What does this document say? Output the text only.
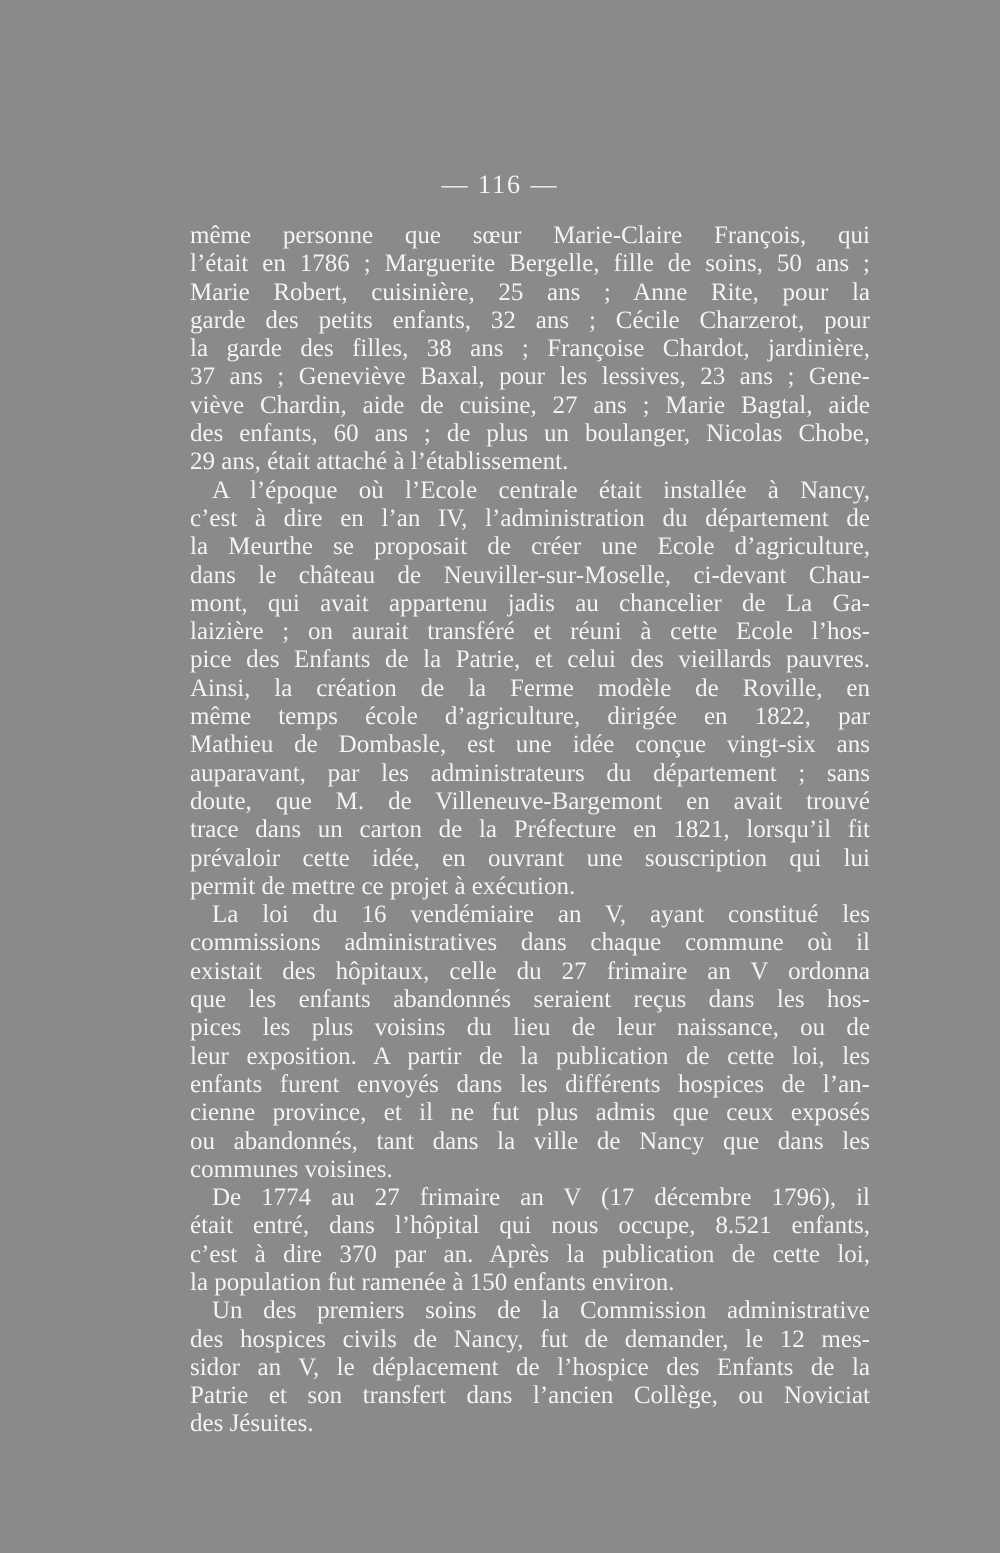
— 116 —

même personne que sœur Marie-Claire François, qui
l’était en 1786 ; Marguerite Bergelle, fille de soins, 50 ans ;
Marie Robert, cuisinière, 25 ans ; Anne Rite, pour la
garde des petits enfants, 32 ans ; Cécile Charzerot, pour
la garde des filles, 38 ans ; Françoise Chardot, jardinière,
37 ans ; Geneviève Baxal, pour les lessives, 23 ans ; Gene-
viève Chardin, aide de cuisine, 27 ans ; Marie Bagtal, aide
des enfants, 60 ans ; de plus un boulanger, Nicolas Chobe,
29 ans, était attaché à l’établissement.
A l’époque où l’Ecole centrale était installée à Nancy,
c’est à dire en l’an IV, l’administration du département de
la Meurthe se proposait de créer une Ecole d’agriculture,
dans le château de Neuviller-sur-Moselle, ci-devant Chau-
mont, qui avait appartenu jadis au chancelier de La Ga-
laizière ; on aurait transféré et réuni à cette Ecole l’hos-
pice des Enfants de la Patrie, et celui des vieillards pauvres.
Ainsi, la création de la Ferme modèle de Roville, en
même temps école d’agriculture, dirigée en 1822, par
Mathieu de Dombasle, est une idée conçue vingt-six ans
auparavant, par les administrateurs du département ; sans
doute, que M. de Villeneuve-Bargemont en avait trouvé
trace dans un carton de la Préfecture en 1821, lorsqu’il fit
prévaloir cette idée, en ouvrant une souscription qui lui
permit de mettre ce projet à exécution.
La loi du 16 vendémiaire an V, ayant constitué les
commissions administratives dans chaque commune où il
existait des hôpitaux, celle du 27 frimaire an V ordonna
que les enfants abandonnés seraient reçus dans les hos-
pices les plus voisins du lieu de leur naissance, ou de
leur exposition. A partir de la publication de cette loi, les
enfants furent envoyés dans les différents hospices de l’an-
cienne province, et il ne fut plus admis que ceux exposés
ou abandonnés, tant dans la ville de Nancy que dans les
communes voisines.
De 1774 au 27 frimaire an V (17 décembre 1796), il
était entré, dans l’hôpital qui nous occupe, 8.521 enfants,
c’est à dire 370 par an. Après la publication de cette loi,
la population fut ramenée à 150 enfants environ.
Un des premiers soins de la Commission administrative
des hospices civils de Nancy, fut de demander, le 12 mes-
sidor an V, le déplacement de l’hospice des Enfants de la
Patrie et son transfert dans l’ancien Collège, ou Noviciat
des Jésuites.
